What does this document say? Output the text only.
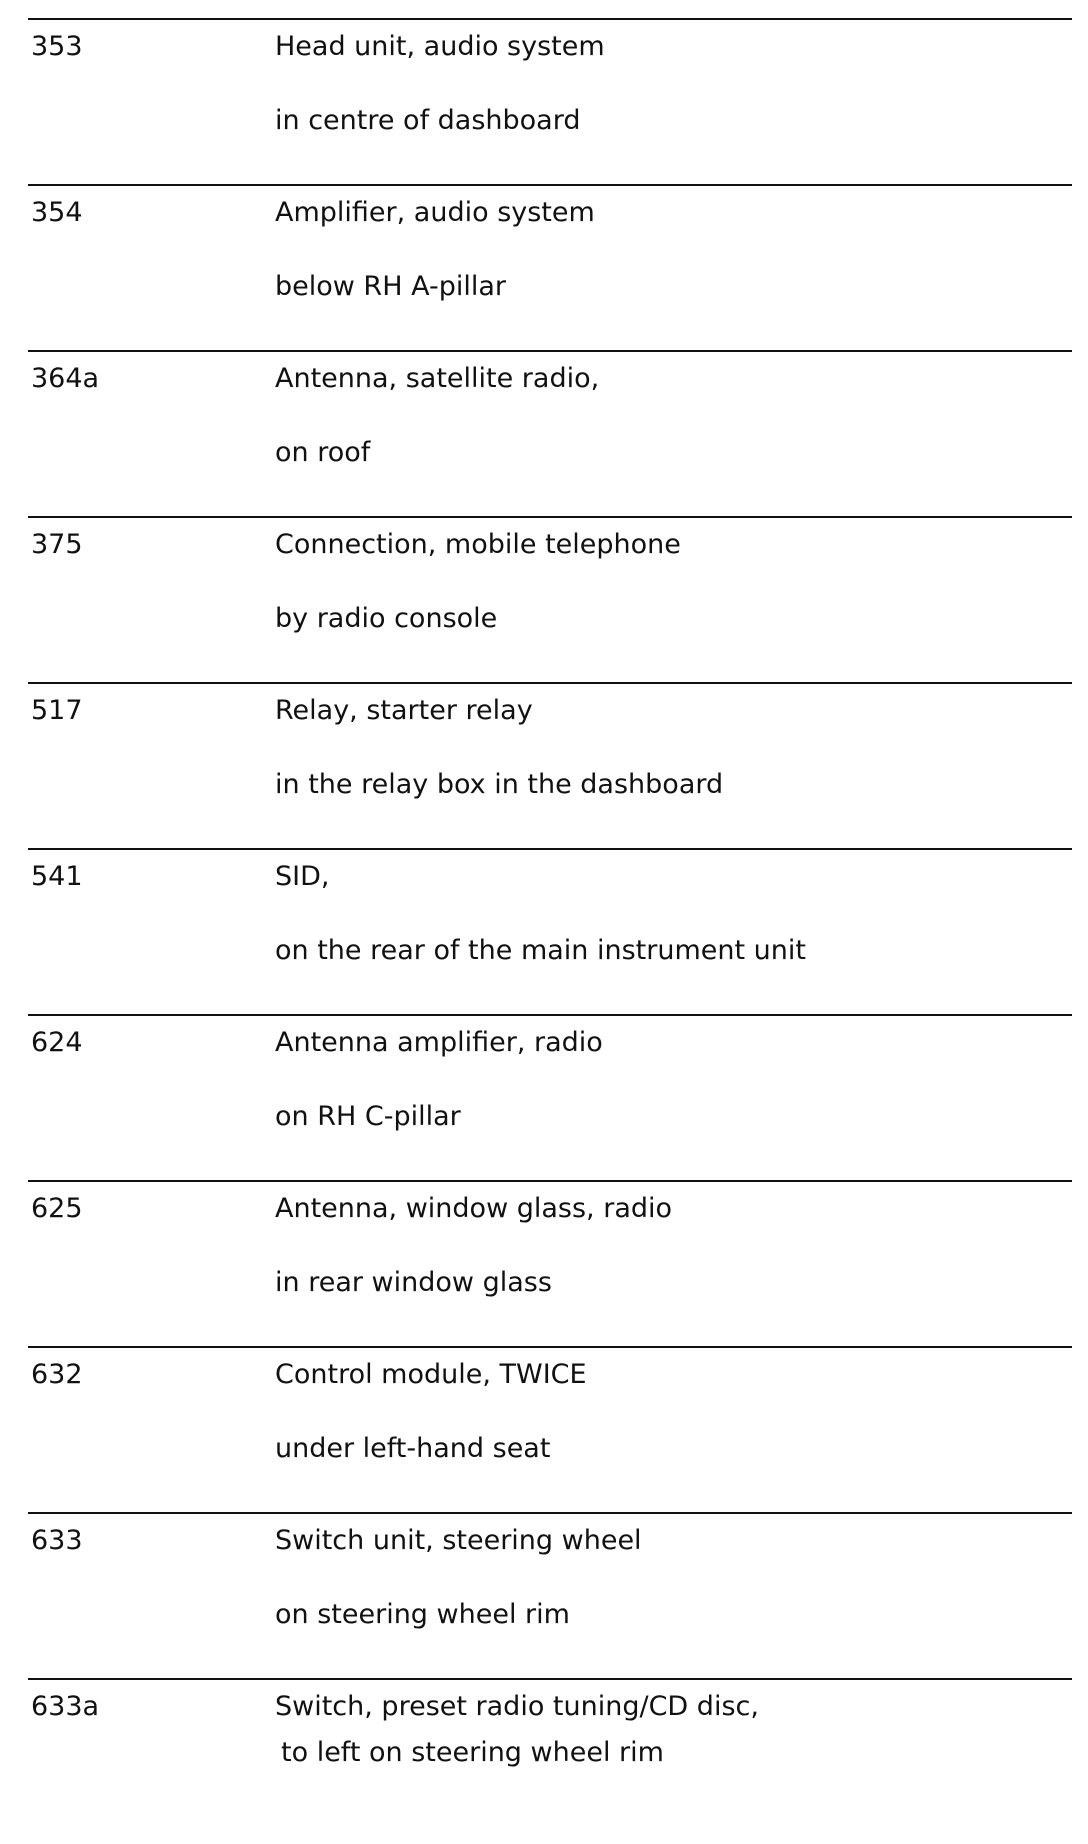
353	Head unit, audio system
in centre of dashboard
354	Amplifier, audio system
below RH A-pillar
364a	Antenna, satellite radio,
on roof
375	Connection, mobile telephone
by radio console
517	Relay, starter relay
in the relay box in the dashboard
541	SID,
on the rear of the main instrument unit
624	Antenna amplifier, radio
on RH C-pillar
625	Antenna, window glass, radio
in rear window glass
632	Control module, TWICE
under left-hand seat
633	Switch unit, steering wheel
on steering wheel rim
633a	Switch, preset radio tuning/CD disc,
to left on steering wheel rim
